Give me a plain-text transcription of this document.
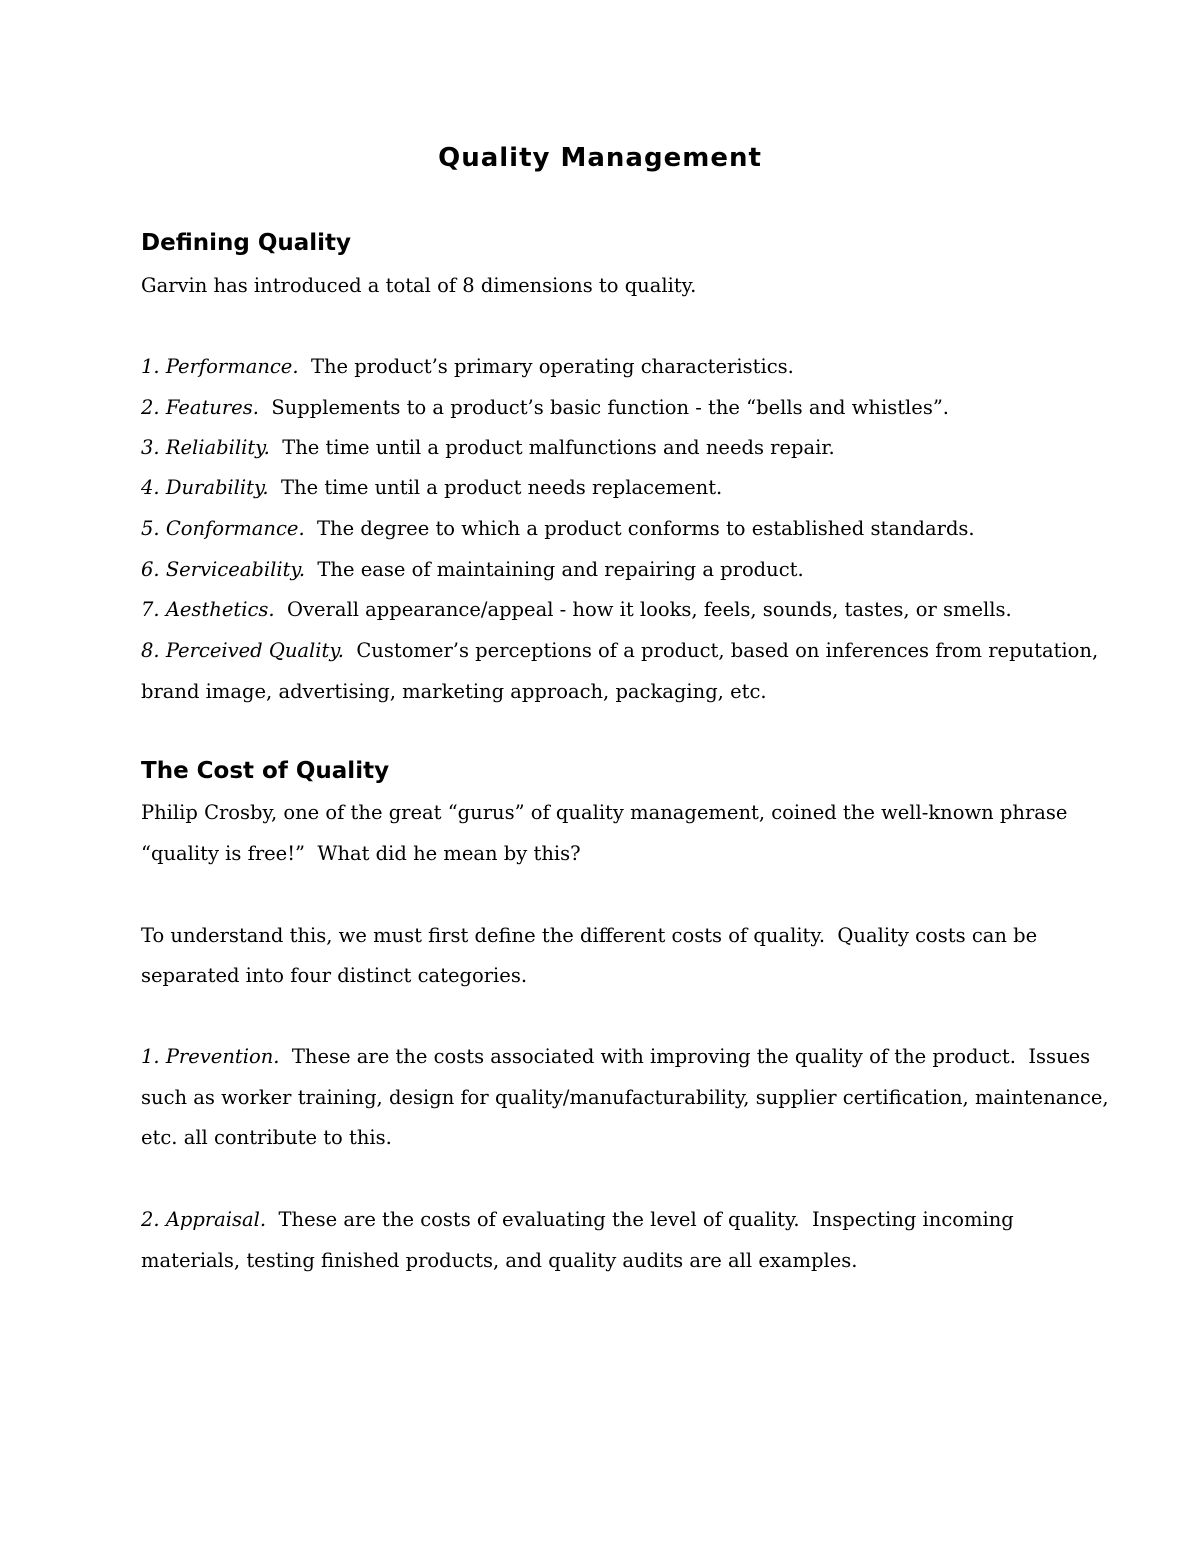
Quality Management
Defining Quality

Garvin has introduced a total of 8 dimensions to quality.

1. Performance.  The product’s primary operating characteristics.

2. Features.  Supplements to a product’s basic function - the “bells and whistles”.

3. Reliability.  The time until a product malfunctions and needs repair.

4. Durability.  The time until a product needs replacement.

5. Conformance.  The degree to which a product conforms to established standards.

6. Serviceability.  The ease of maintaining and repairing a product.

7. Aesthetics.  Overall appearance/appeal - how it looks, feels, sounds, tastes, or smells.

8. Perceived Quality.  Customer’s perceptions of a product, based on inferences from reputation,

brand image, advertising, marketing approach, packaging, etc.

The Cost of Quality

Philip Crosby, one of the great “gurus” of quality management, coined the well-known phrase

“quality is free!”  What did he mean by this?

To understand this, we must first define the different costs of quality.  Quality costs can be

separated into four distinct categories.

1. Prevention.  These are the costs associated with improving the quality of the product.  Issues

such as worker training, design for quality/manufacturability, supplier certification, maintenance,

etc. all contribute to this.

2. Appraisal.  These are the costs of evaluating the level of quality.  Inspecting incoming

materials, testing finished products, and quality audits are all examples.
